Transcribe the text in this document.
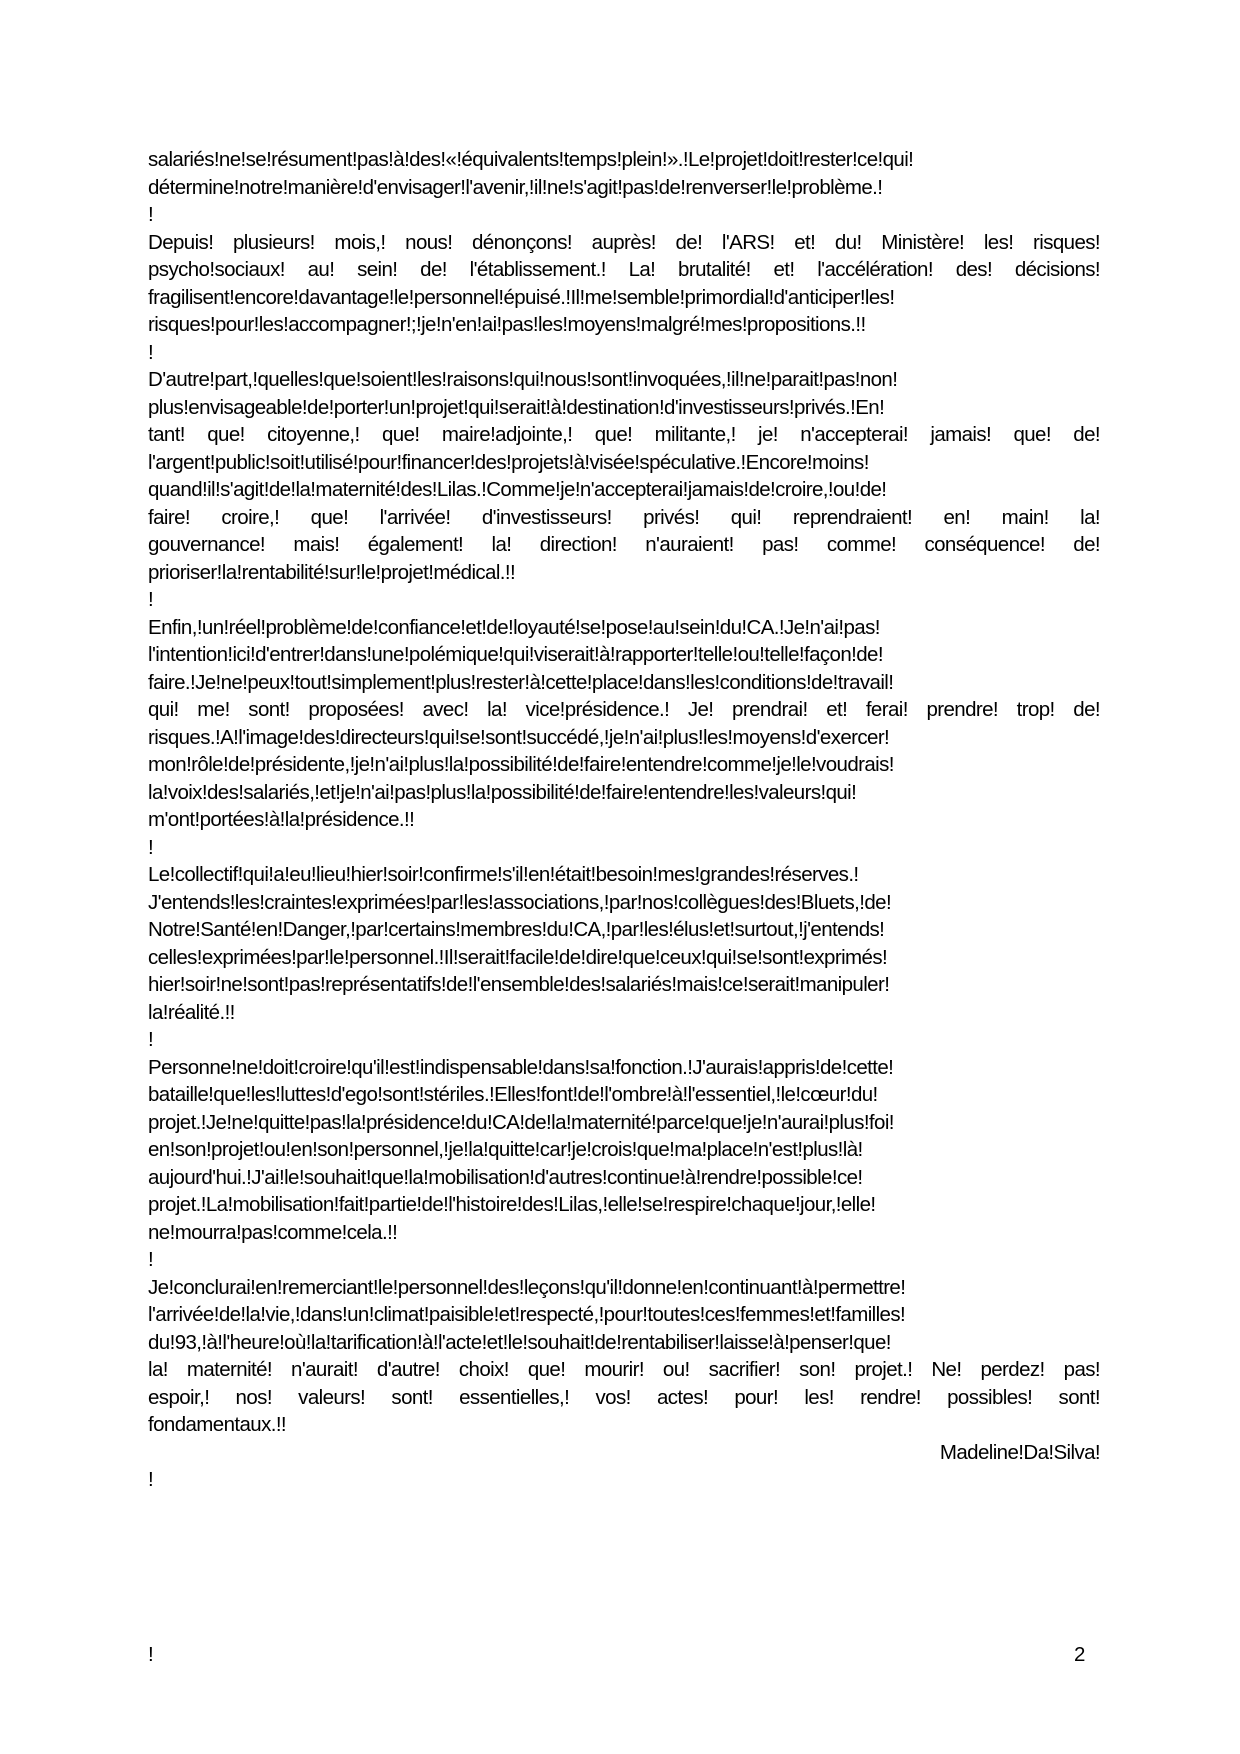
salariés!ne!se!résument!pas!à!des!«!équivalents!temps!plein!».!Le!projet!doit!rester!ce!qui!
détermine!notre!manière!d'envisager!l'avenir,!il!ne!s'agit!pas!de!renverser!le!problème.!
!
Depuis! plusieurs! mois,! nous! dénonçons! auprès! de! l'ARS! et! du! Ministère! les! risques!
psycho!sociaux! au! sein! de! l'établissement.! La! brutalité! et! l'accélération! des! décisions!
fragilisent!encore!davantage!le!personnel!épuisé.!Il!me!semble!primordial!d'anticiper!les!
risques!pour!les!accompagner!;!je!n'en!ai!pas!les!moyens!malgré!mes!propositions.!!
!
D'autre!part,!quelles!que!soient!les!raisons!qui!nous!sont!invoquées,!il!ne!parait!pas!non!
plus!envisageable!de!porter!un!projet!qui!serait!à!destination!d'investisseurs!privés.!En!
tant! que! citoyenne,! que! maire!adjointe,! que! militante,! je! n'accepterai! jamais! que! de!
l'argent!public!soit!utilisé!pour!financer!des!projets!à!visée!spéculative.!Encore!moins!
quand!il!s'agit!de!la!maternité!des!Lilas.!Comme!je!n'accepterai!jamais!de!croire,!ou!de!
faire! croire,! que! l'arrivée! d'investisseurs! privés! qui! reprendraient! en! main! la!
gouvernance! mais! également! la! direction! n'auraient! pas! comme! conséquence! de!
prioriser!la!rentabilité!sur!le!projet!médical.!!
!
Enfin,!un!réel!problème!de!confiance!et!de!loyauté!se!pose!au!sein!du!CA.!Je!n'ai!pas!
l'intention!ici!d'entrer!dans!une!polémique!qui!viserait!à!rapporter!telle!ou!telle!façon!de!
faire.!Je!ne!peux!tout!simplement!plus!rester!à!cette!place!dans!les!conditions!de!travail!
qui! me! sont! proposées! avec! la! vice!présidence.! Je! prendrai! et! ferai! prendre! trop! de!
risques.!A!l'image!des!directeurs!qui!se!sont!succédé,!je!n'ai!plus!les!moyens!d'exercer!
mon!rôle!de!présidente,!je!n'ai!plus!la!possibilité!de!faire!entendre!comme!je!le!voudrais!
la!voix!des!salariés,!et!je!n'ai!pas!plus!la!possibilité!de!faire!entendre!les!valeurs!qui!
m'ont!portées!à!la!présidence.!!
!
Le!collectif!qui!a!eu!lieu!hier!soir!confirme!s'il!en!était!besoin!mes!grandes!réserves.!
J'entends!les!craintes!exprimées!par!les!associations,!par!nos!collègues!des!Bluets,!de!
Notre!Santé!en!Danger,!par!certains!membres!du!CA,!par!les!élus!et!surtout,!j'entends!
celles!exprimées!par!le!personnel.!Il!serait!facile!de!dire!que!ceux!qui!se!sont!exprimés!
hier!soir!ne!sont!pas!représentatifs!de!l'ensemble!des!salariés!mais!ce!serait!manipuler!
la!réalité.!!
!
Personne!ne!doit!croire!qu'il!est!indispensable!dans!sa!fonction.!J'aurais!appris!de!cette!
bataille!que!les!luttes!d'ego!sont!stériles.!Elles!font!de!l'ombre!à!l'essentiel,!le!cœur!du!
projet.!Je!ne!quitte!pas!la!présidence!du!CA!de!la!maternité!parce!que!je!n'aurai!plus!foi!
en!son!projet!ou!en!son!personnel,!je!la!quitte!car!je!crois!que!ma!place!n'est!plus!là!
aujourd'hui.!J'ai!le!souhait!que!la!mobilisation!d'autres!continue!à!rendre!possible!ce!
projet.!La!mobilisation!fait!partie!de!l'histoire!des!Lilas,!elle!se!respire!chaque!jour,!elle!
ne!mourra!pas!comme!cela.!!
!
Je!conclurai!en!remerciant!le!personnel!des!leçons!qu'il!donne!en!continuant!à!permettre!
l'arrivée!de!la!vie,!dans!un!climat!paisible!et!respecté,!pour!toutes!ces!femmes!et!familles!
du!93,!à!l'heure!où!la!tarification!à!l'acte!et!le!souhait!de!rentabiliser!laisse!à!penser!que!
la! maternité! n'aurait! d'autre! choix! que! mourir! ou! sacrifier! son! projet.! Ne! perdez! pas!
espoir,! nos! valeurs! sont! essentielles,! vos! actes! pour! les! rendre! possibles! sont!
fondamentaux.!!
Madeline!Da!Silva!
!
!	2
